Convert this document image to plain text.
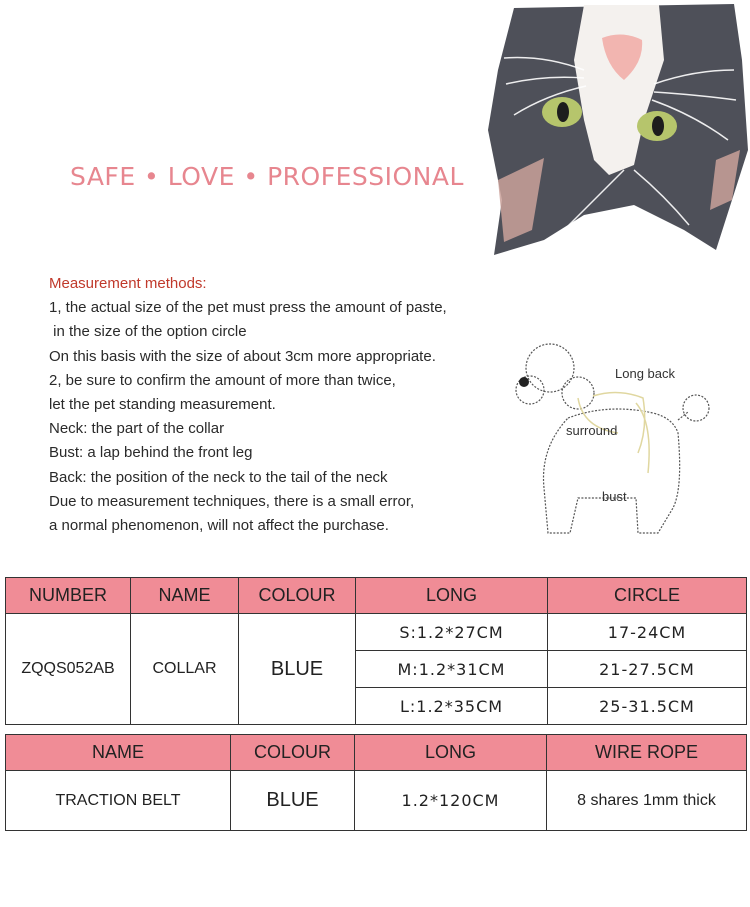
SAFE • LOVE • PROFESSIONAL
Measurement methods:
1, the actual size of the pet must press the amount of paste,
in the size of the option circle
On this basis with the size of about 3cm more appropriate.
2, be sure to confirm the amount of more than twice,
let the pet standing measurement.
Neck: the part of the collar
Bust: a lap behind the front leg
Back: the position of the neck to the tail of the neck
Due to measurement techniques, there is a small error,
a normal phenomenon, will not affect the purchase.
Long back
surround
bust
NUMBER	NAME	COLOUR	LONG	CIRCLE
ZQQS052AB	COLLAR	BLUE	S:1.2*27CM	17-24CM
			M:1.2*31CM	21-27.5CM
			L:1.2*35CM	25-31.5CM
NAME	COLOUR	LONG	WIRE ROPE
TRACTION BELT	BLUE	1.2*120CM	8 shares 1mm thick
